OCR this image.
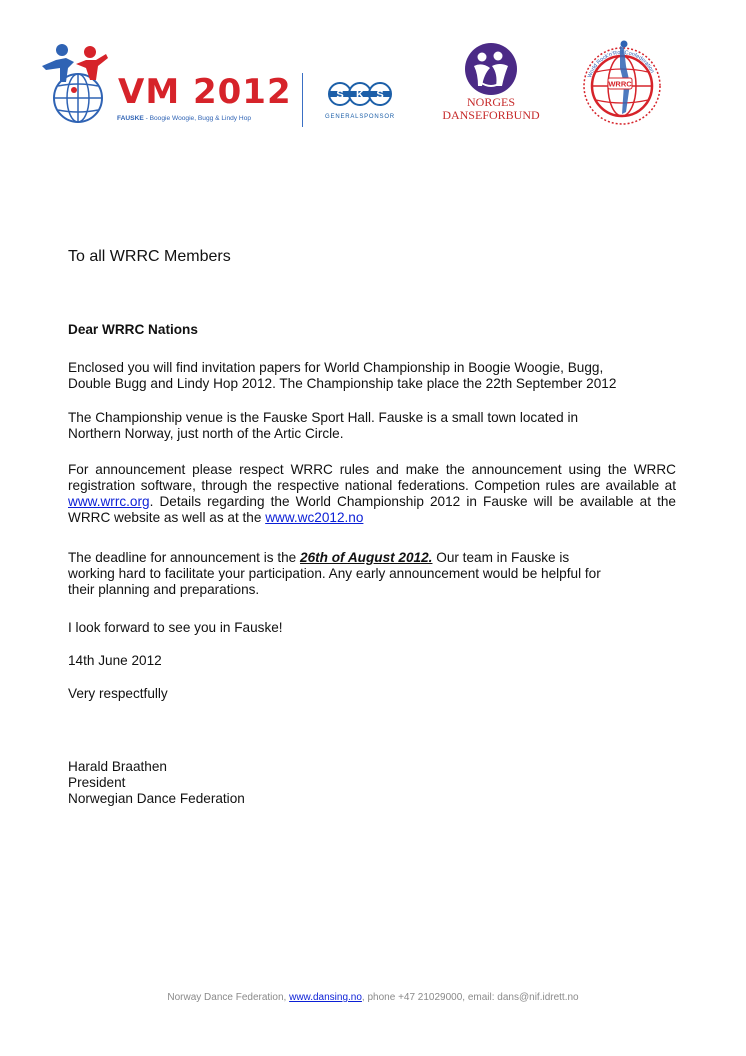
VM 2012
FAUSKE - Boogie Woogie, Bugg & Lindy Hop
S K S
GENERALSPONSOR
NORGES
DANSEFORBUND
WRRC
World Rock'n'Roll Confederation
To all WRRC Members
Dear WRRC Nations
Enclosed you will find invitation papers for World Championship in Boogie Woogie, Bugg,
Double Bugg and Lindy Hop 2012. The Championship take place the 22th September 2012
The Championship venue is the Fauske Sport Hall. Fauske is a small town located in
Northern Norway, just north of the Artic Circle.
For announcement please respect WRRC rules and make the announcement using the WRRC registration software, through the respective national federations. Competion rules are available at www.wrrc.org. Details regarding the World Championship 2012 in Fauske will be available at the WRRC website as well as at the www.wc2012.no
The deadline for announcement is the 26th of August 2012. Our team in Fauske is
working hard to facilitate your participation. Any early announcement would be helpful for
their planning and preparations.
I look forward to see you in Fauske!
14th June 2012
Very respectfully
Harald Braathen
President
Norwegian Dance Federation
Norway Dance Federation, www.dansing.no, phone +47 21029000, email: dans@nif.idrett.no
